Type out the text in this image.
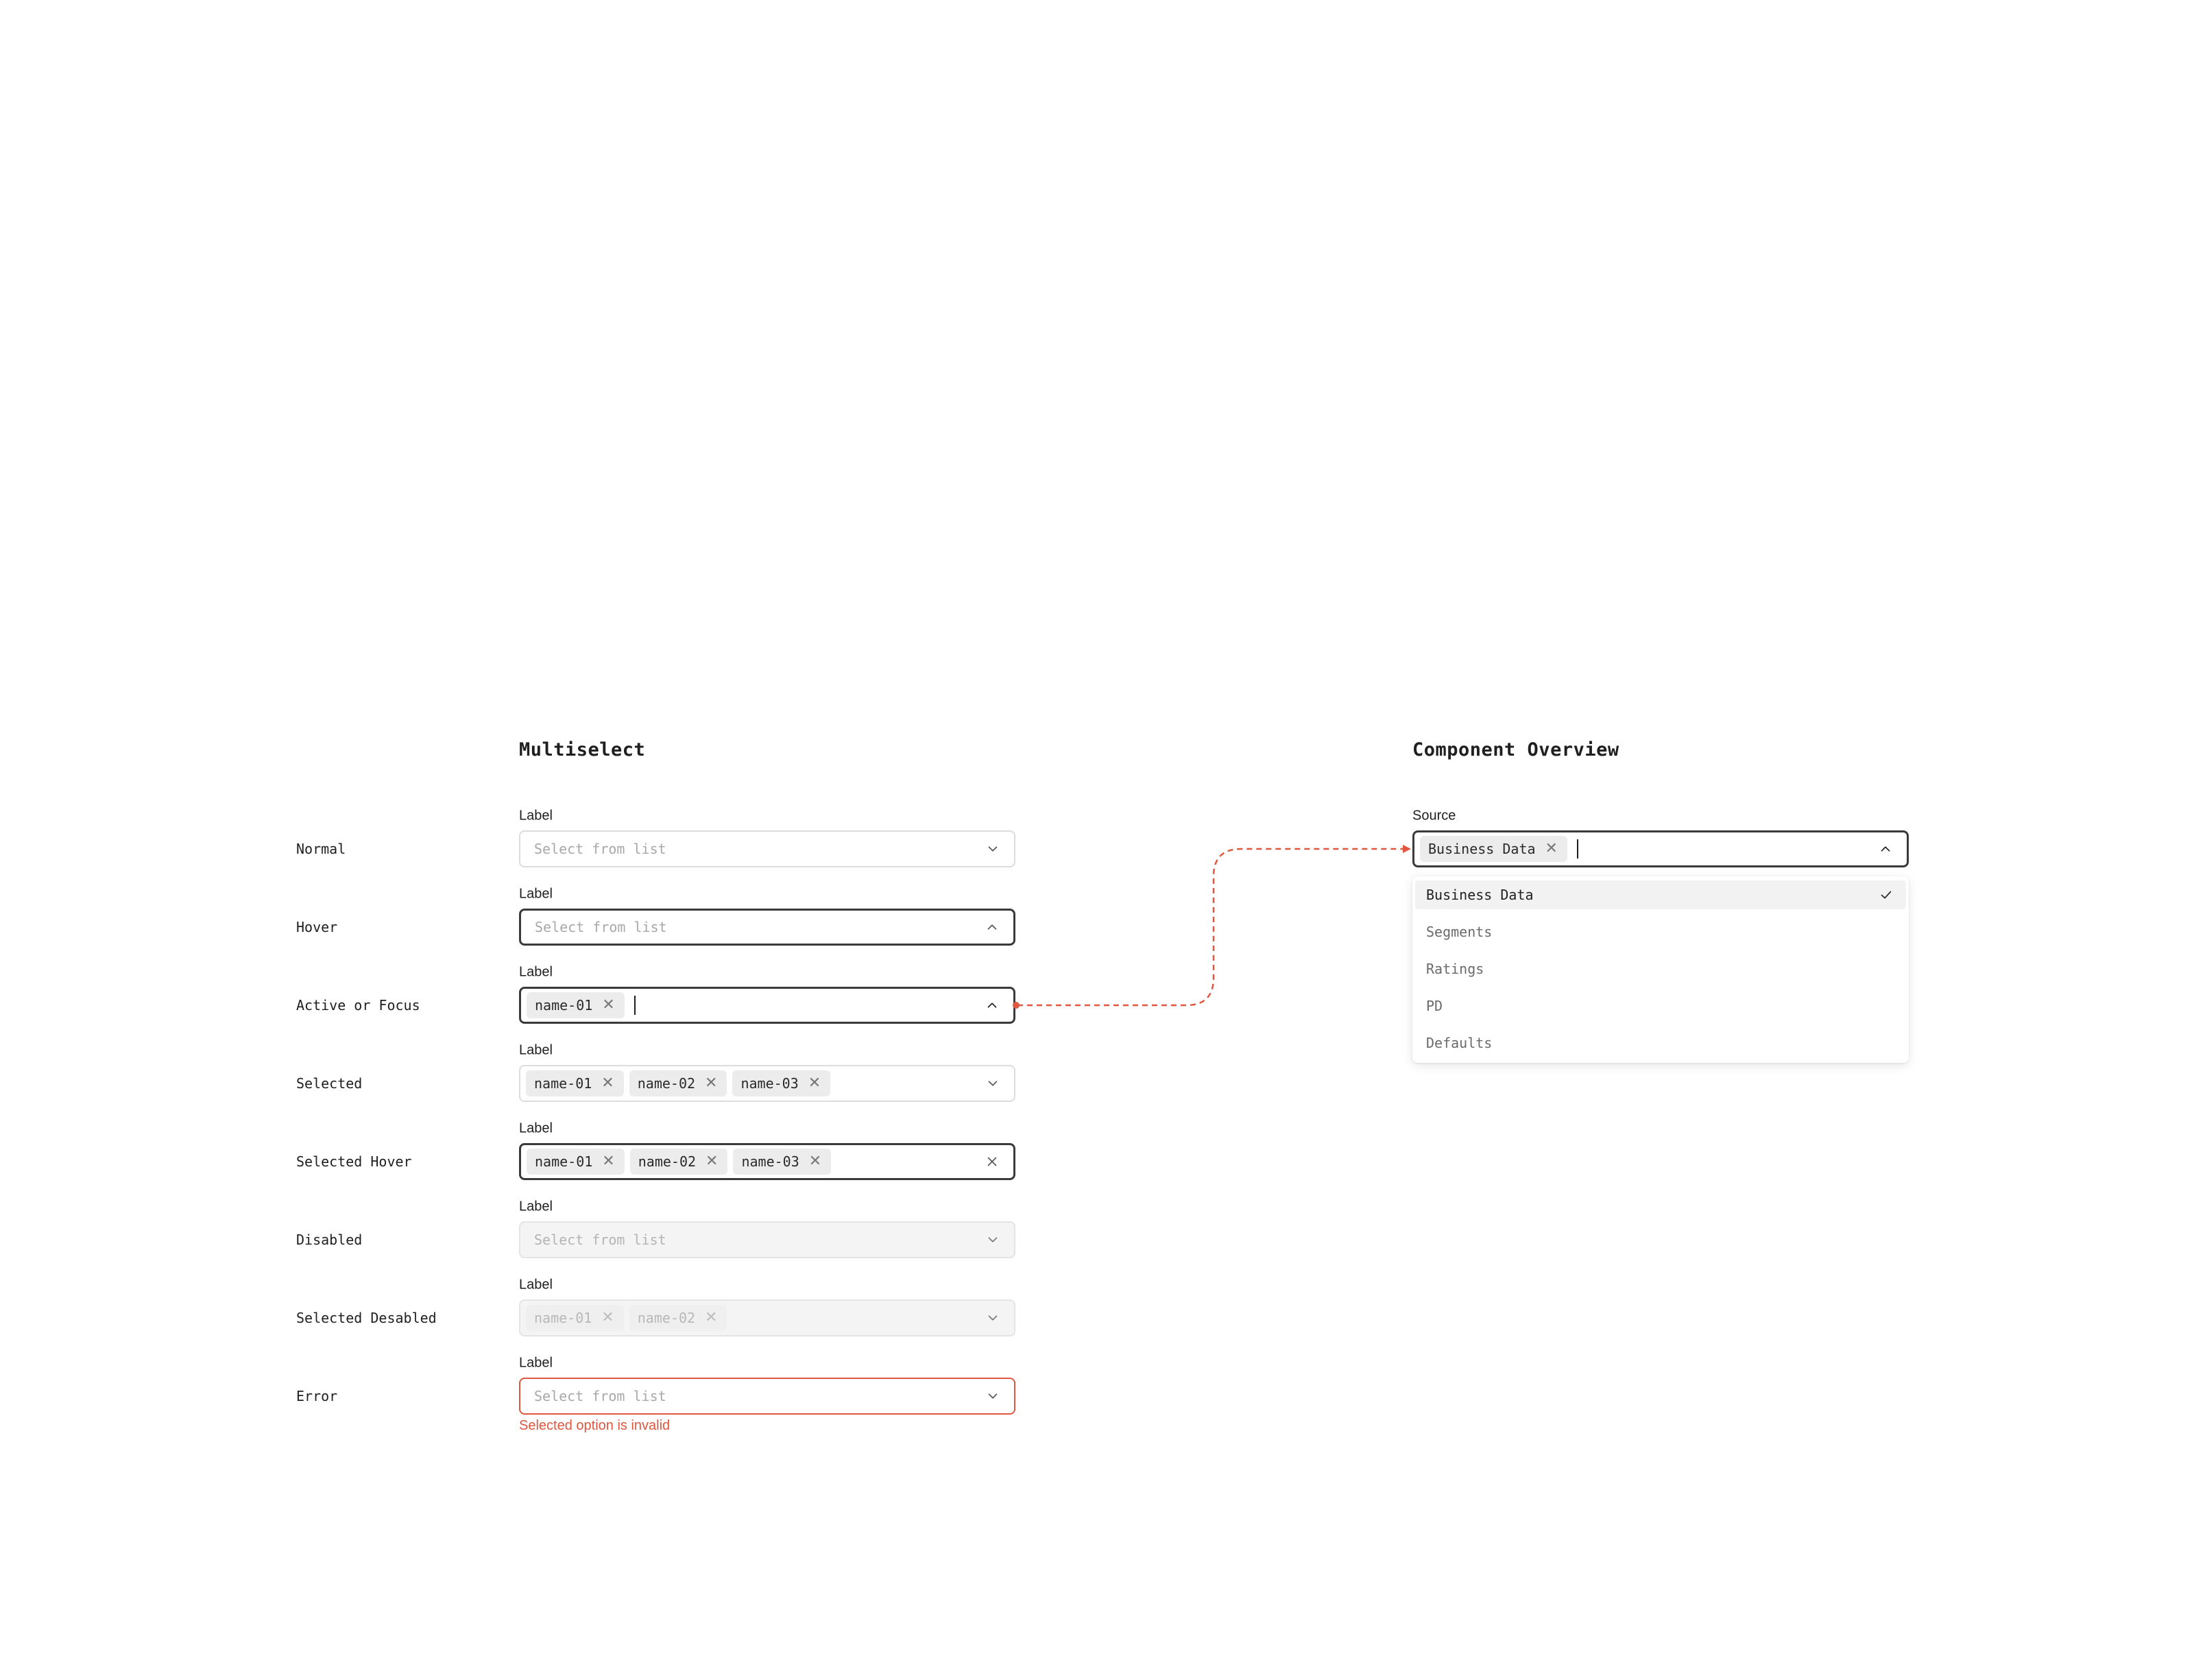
Multiselect	Component Overview
Normal
Label
Select from list
Hover
Label
Select from list
Active or Focus
Label
name-01 ✕
Selected
Label
name-01 ✕ name-02 ✕ name-03 ✕
Selected Hover
Label
name-01 ✕ name-02 ✕ name-03 ✕
Disabled
Label
Select from list
Selected Desabled
Label
name-01 ✕ name-02 ✕
Error
Label
Select from list
Selected option is invalid
Source
Business Data ✕
Business Data
Segments
Ratings
PD
Defaults
